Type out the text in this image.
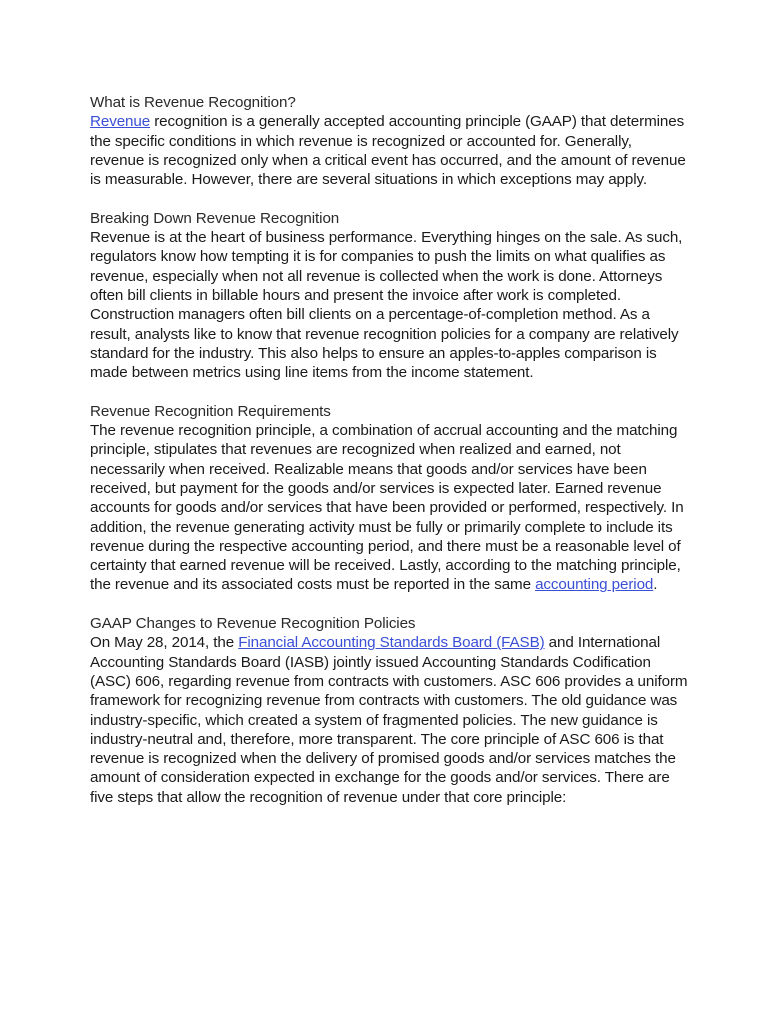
What is Revenue Recognition?

Revenue recognition is a generally accepted accounting principle (GAAP) that determines the specific conditions in which revenue is recognized or accounted for. Generally, revenue is recognized only when a critical event has occurred, and the amount of revenue is measurable. However, there are several situations in which exceptions may apply.

Breaking Down Revenue Recognition

Revenue is at the heart of business performance. Everything hinges on the sale. As such, regulators know how tempting it is for companies to push the limits on what qualifies as revenue, especially when not all revenue is collected when the work is done. Attorneys often bill clients in billable hours and present the invoice after work is completed. Construction managers often bill clients on a percentage-of-completion method. As a result, analysts like to know that revenue recognition policies for a company are relatively standard for the industry. This also helps to ensure an apples-to-apples comparison is made between metrics using line items from the income statement.

Revenue Recognition Requirements

The revenue recognition principle, a combination of accrual accounting and the matching principle, stipulates that revenues are recognized when realized and earned, not necessarily when received. Realizable means that goods and/or services have been received, but payment for the goods and/or services is expected later. Earned revenue accounts for goods and/or services that have been provided or performed, respectively. In addition, the revenue generating activity must be fully or primarily complete to include its revenue during the respective accounting period, and there must be a reasonable level of certainty that earned revenue will be received. Lastly, according to the matching principle, the revenue and its associated costs must be reported in the same accounting period.

GAAP Changes to Revenue Recognition Policies

On May 28, 2014, the Financial Accounting Standards Board (FASB) and International Accounting Standards Board (IASB) jointly issued Accounting Standards Codification (ASC) 606, regarding revenue from contracts with customers. ASC 606 provides a uniform framework for recognizing revenue from contracts with customers. The old guidance was industry-specific, which created a system of fragmented policies. The new guidance is industry-neutral and, therefore, more transparent. The core principle of ASC 606 is that revenue is recognized when the delivery of promised goods and/or services matches the amount of consideration expected in exchange for the goods and/or services. There are five steps that allow the recognition of revenue under that core principle:
